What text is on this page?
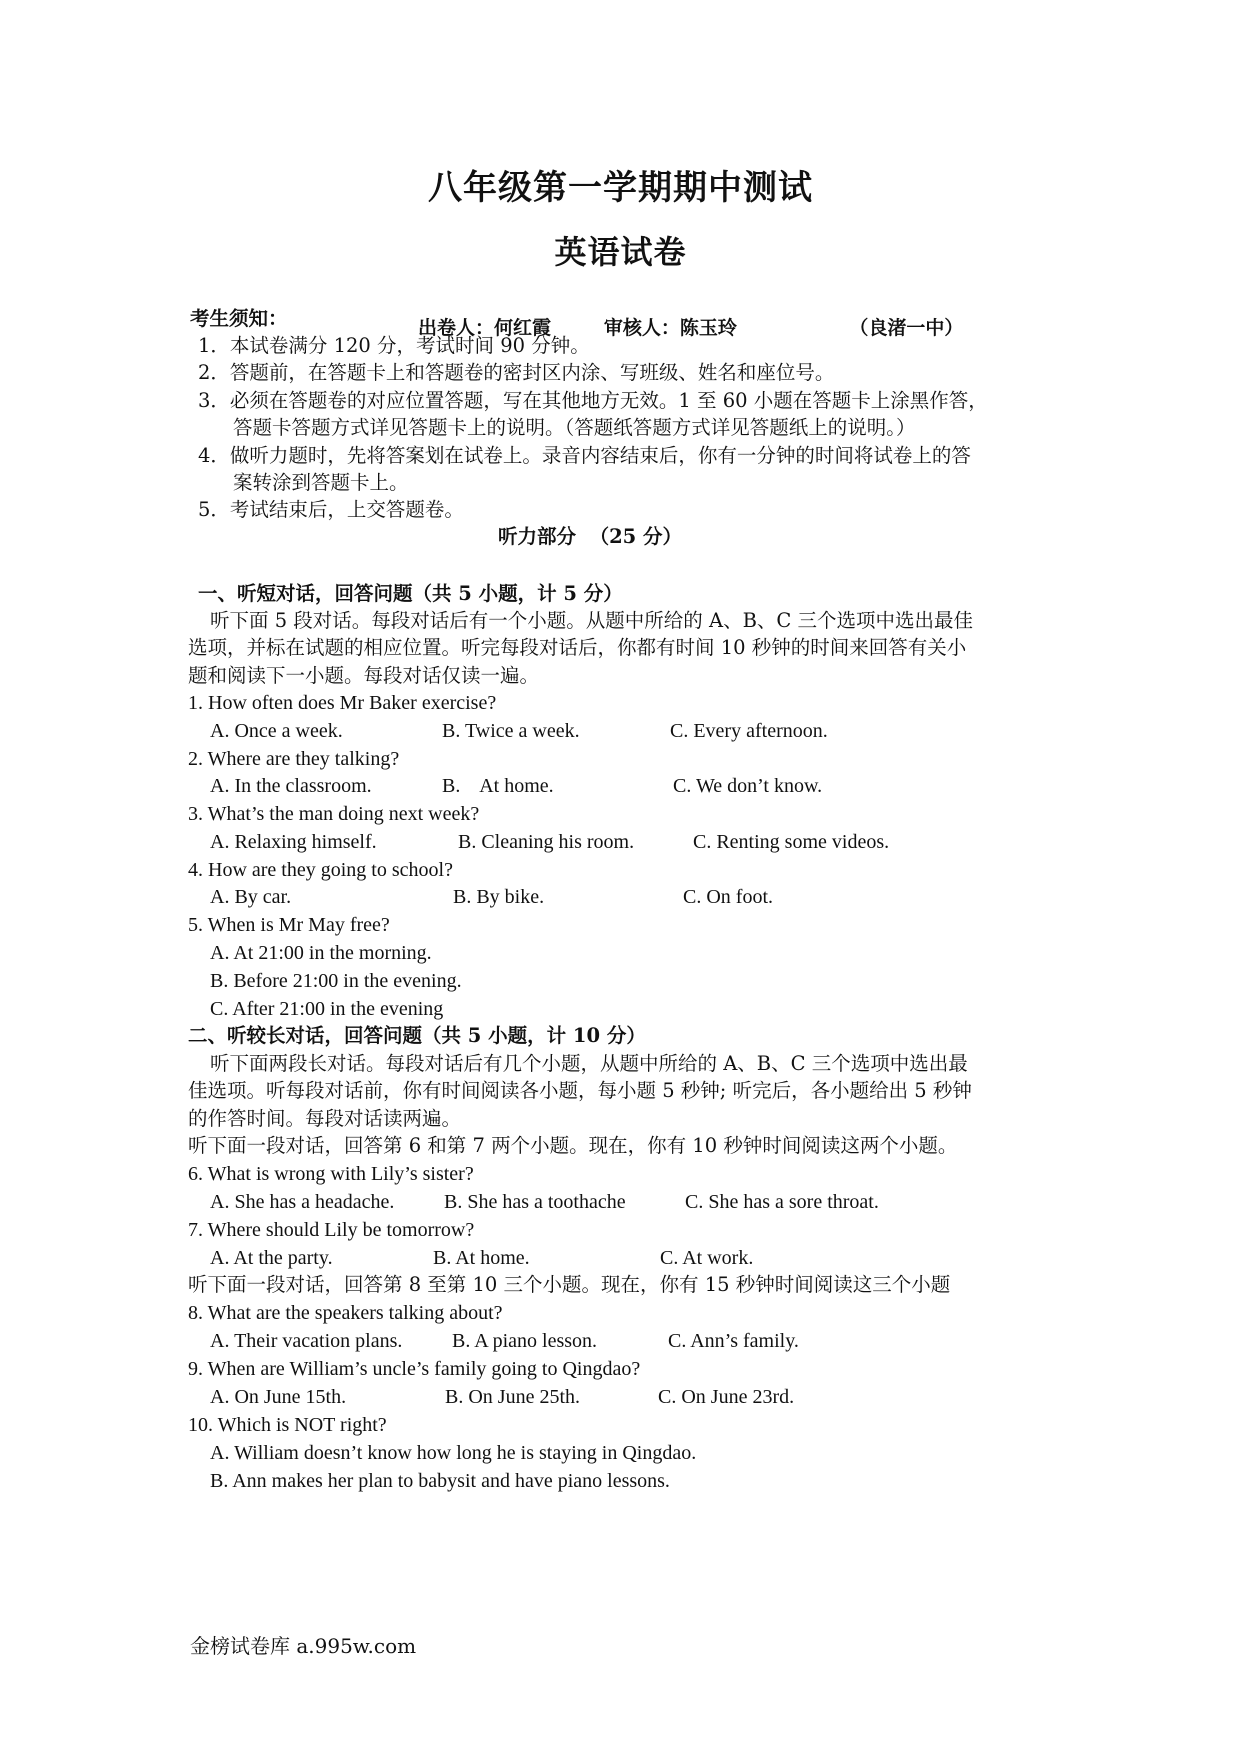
八年级第一学期期中测试
英语试卷
出卷人：何红霞        审核人：陈玉玲                 （良渚一中）
考生须知：
1．本试卷满分 120 分，考试时间 90 分钟。
2．答题前，在答题卡上和答题卷的密封区内涂、写班级、姓名和座位号。
3．必须在答题卷的对应位置答题，写在其他地方无效。1 至 60 小题在答题卡上涂黑作答，
答题卡答题方式详见答题卡上的说明。（答题纸答题方式详见答题纸上的说明。）
4．做听力题时，先将答案划在试卷上。录音内容结束后，你有一分钟的时间将试卷上的答
案转涂到答题卡上。
5．考试结束后，上交答题卷。
听力部分  （25 分）
一、听短对话，回答问题（共 5 小题，计 5 分）
听下面 5 段对话。每段对话后有一个小题。从题中所给的 A、B、C 三个选项中选出最佳
选项，并标在试题的相应位置。听完每段对话后，你都有时间 10 秒钟的时间来回答有关小
题和阅读下一小题。每段对话仅读一遍。
1. How often does Mr Baker exercise?
A. Once a week.	B. Twice a week.	C. Every afternoon.
2. Where are they talking?
A. In the classroom.	B.    At home.	C. We don’t know.
3. What’s the man doing next week?
A. Relaxing himself.	B. Cleaning his room.	C. Renting some videos.
4. How are they going to school?
A. By car.	B. By bike.	C. On foot.
5. When is Mr May free?
A. At 21:00 in the morning.
B. Before 21:00 in the evening.
C. After 21:00 in the evening
二、听较长对话，回答问题（共 5 小题，计 10 分）
听下面两段长对话。每段对话后有几个小题，从题中所给的 A、B、C 三个选项中选出最
佳选项。听每段对话前，你有时间阅读各小题，每小题 5 秒钟; 听完后，各小题给出 5 秒钟
的作答时间。每段对话读两遍。
听下面一段对话，回答第 6 和第 7 两个小题。现在，你有 10 秒钟时间阅读这两个小题。
6. What is wrong with Lily’s sister?
A. She has a headache. B. She has a toothache	C. She has a sore throat.
7. Where should Lily be tomorrow?
A. At the party.	B. At home.	C. At work.
听下面一段对话，回答第 8 至第 10 三个小题。现在，你有 15 秒钟时间阅读这三个小题
8. What are the speakers talking about?
A. Their vacation plans. B. A piano lesson.	C. Ann’s family.
9. When are William’s uncle’s family going to Qingdao?
A. On June 15th.	B. On June 25th.	C. On June 23rd.
10. Which is NOT right?
A. William doesn’t know how long he is staying in Qingdao.
B. Ann makes her plan to babysit and have piano lessons.
金榜试卷库 a.995w.com
